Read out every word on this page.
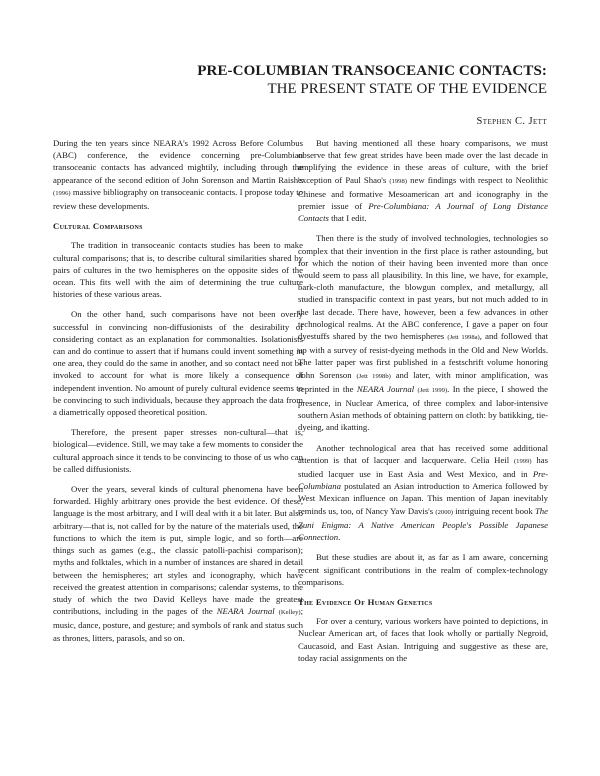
PRE-COLUMBIAN TRANSOCEANIC CONTACTS:

THE PRESENT STATE OF THE EVIDENCE

Stephen C. Jett

During the ten years since NEARA's 1992 Across Before Columbus (ABC) conference, the evidence concerning pre-Columbian transoceanic contacts has advanced mightily, including through the appearance of the second edition of John Sorenson and Martin Raish's (1996) massive bibliography on transoceanic contacts. I propose today to review these developments.

Cultural Comparisons

The tradition in transoceanic contacts studies has been to make cultural comparisons; that is, to describe cultural similarities shared by pairs of cultures in the two hemispheres on the opposite sides of the ocean. This fits well with the aim of determining the true culture histories of these various areas.

On the other hand, such comparisons have not been overly successful in convincing non-diffusionists of the desirability of considering contact as an explanation for commonalties. Isolationists can and do continue to assert that if humans could invent something in one area, they could do the same in another, and so contact need not be invoked to account for what is more likely a consequence of independent invention. No amount of purely cultural evidence seems to be convincing to such individuals, because they approach the data from a diametrically opposed theoretical position.

Therefore, the present paper stresses non-cultural—that is, biological—evidence. Still, we may take a few moments to consider the cultural approach since it tends to be convincing to those of us who can be called diffusionists.

Over the years, several kinds of cultural phenomena have been forwarded. Highly arbitrary ones provide the best evidence. Of these, language is the most arbitrary, and I will deal with it a bit later. But also arbitrary—that is, not called for by the nature of the materials used, the functions to which the item is put, simple logic, and so forth—are things such as games (e.g., the classic patolli-pachisi comparison); myths and folktales, which in a number of instances are shared in detail between the hemispheres; art styles and iconography, which have received the greatest attention in comparisons; calendar systems, to the study of which the two David Kelleys have made the greatest contributions, including in the pages of the NEARA Journal (Kelley); music, dance, posture, and gesture; and symbols of rank and status such as thrones, litters, parasols, and so on.

But having mentioned all these hoary comparisons, we must observe that few great strides have been made over the last decade in amplifying the evidence in these areas of culture, with the brief exception of Paul Shao's (1998) new findings with respect to Neolithic Chinese and formative Mesoamerican art and iconography in the premier issue of Pre-Columbiana: A Journal of Long Distance Contacts that I edit.

Then there is the study of involved technologies, technologies so complex that their invention in the first place is rather astounding, but for which the notion of their having been invented more than once would seem to pass all plausibility. In this line, we have, for example, bark-cloth manufacture, the blowgun complex, and metallurgy, all studied in transpacific context in past years, but not much added to in the last decade. There have, however, been a few advances in other technological realms. At the ABC conference, I gave a paper on four dyestuffs shared by the two hemispheres (Jett 1998a), and followed that up with a survey of resist-dyeing methods in the Old and New Worlds. The latter paper was first published in a festschrift volume honoring John Sorenson (Jett 1998b) and later, with minor amplification, was reprinted in the NEARA Journal (Jett 1999). In the piece, I showed the presence, in Nuclear America, of three complex and labor-intensive southern Asian methods of obtaining pattern on cloth: by batikking, tie-dyeing, and ikatting.

Another technological area that has received some additional attention is that of lacquer and lacquerware. Celia Heil (1999) has studied lacquer use in East Asia and West Mexico, and in Pre-Columbiana postulated an Asian introduction to America followed by West Mexican influence on Japan. This mention of Japan inevitably reminds us, too, of Nancy Yaw Davis's (2000) intriguing recent book The Zuni Enigma: A Native American People's Possible Japanese Connection.

But these studies are about it, as far as I am aware, concerning recent significant contributions in the realm of complex-technology comparisons.

The Evidence Of Human Genetics

For over a century, various workers have pointed to depictions, in Nuclear American art, of faces that look wholly or partially Negroid, Caucasoid, and East Asian. Intriguing and suggestive as these are, today racial assignments on the
